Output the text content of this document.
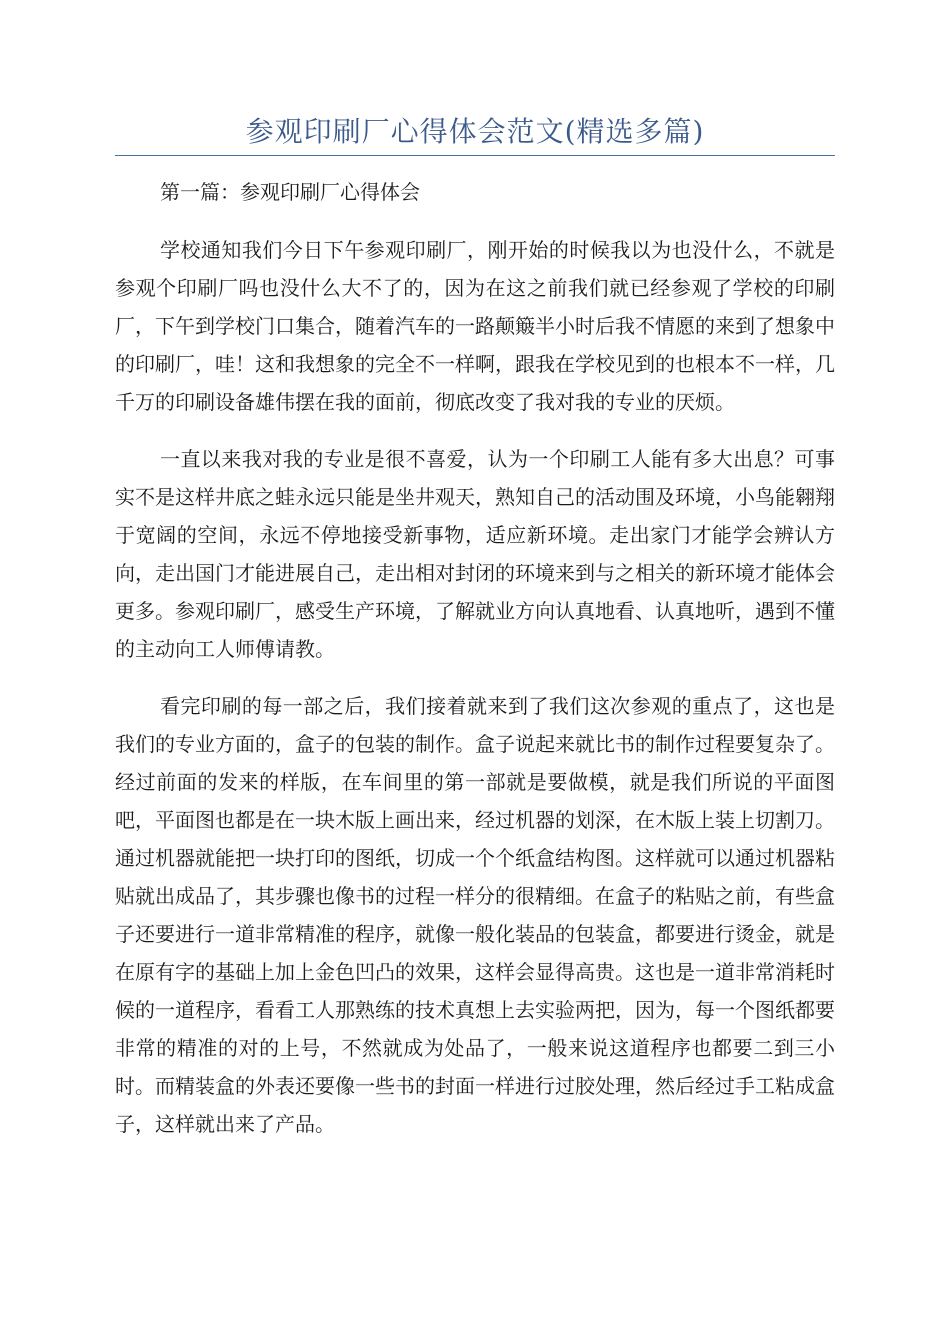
参观印刷厂心得体会范文(精选多篇)

第一篇：参观印刷厂心得体会

学校通知我们今日下午参观印刷厂，刚开始的时候我以为也没什么，不就是参观个印刷厂吗也没什么大不了的，因为在这之前我们就已经参观了学校的印刷厂，下午到学校门口集合，随着汽车的一路颠簸半小时后我不情愿的来到了想象中的印刷厂，哇！这和我想象的完全不一样啊，跟我在学校见到的也根本不一样，几千万的印刷设备雄伟摆在我的面前，彻底改变了我对我的专业的厌烦。

一直以来我对我的专业是很不喜爱，认为一个印刷工人能有多大出息？可事实不是这样井底之蛙永远只能是坐井观天，熟知自己的活动围及环境，小鸟能翱翔于宽阔的空间，永远不停地接受新事物，适应新环境。走出家门才能学会辨认方向，走出国门才能进展自己，走出相对封闭的环境来到与之相关的新环境才能体会更多。参观印刷厂，感受生产环境，了解就业方向认真地看、认真地听，遇到不懂的主动向工人师傅请教。

看完印刷的每一部之后，我们接着就来到了我们这次参观的重点了，这也是我们的专业方面的，盒子的包装的制作。盒子说起来就比书的制作过程要复杂了。经过前面的发来的样版，在车间里的第一部就是要做模，就是我们所说的平面图吧，平面图也都是在一块木版上画出来，经过机器的划深，在木版上装上切割刀。通过机器就能把一块打印的图纸，切成一个个纸盒结构图。这样就可以通过机器粘贴就出成品了，其步骤也像书的过程一样分的很精细。在盒子的粘贴之前，有些盒子还要进行一道非常精准的程序，就像一般化装品的包装盒，都要进行烫金，就是在原有字的基础上加上金色凹凸的效果，这样会显得高贵。这也是一道非常消耗时候的一道程序，看看工人那熟练的技术真想上去实验两把，因为，每一个图纸都要非常的精准的对的上号，不然就成为处品了，一般来说这道程序也都要二到三小时。而精装盒的外表还要像一些书的封面一样进行过胶处理，然后经过手工粘成盒子，这样就出来了产品。
